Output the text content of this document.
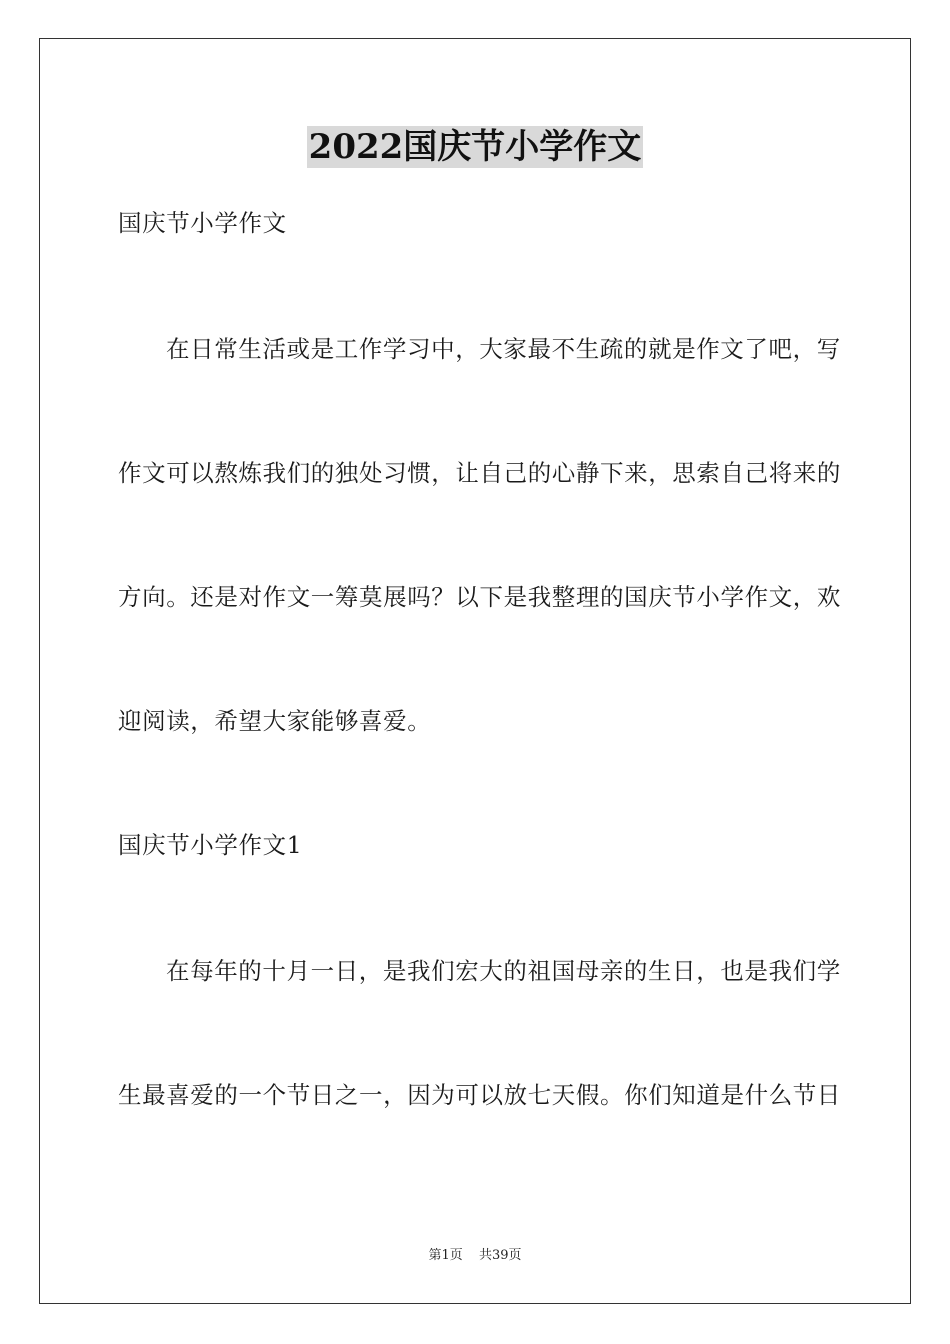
2022国庆节小学作文
国庆节小学作文
在日常生活或是工作学习中，大家最不生疏的就是作文了吧，写
作文可以熬炼我们的独处习惯，让自己的心静下来，思索自己将来的
方向。还是对作文一筹莫展吗？以下是我整理的国庆节小学作文，欢
迎阅读，希望大家能够喜爱。
国庆节小学作文1
在每年的十月一日，是我们宏大的祖国母亲的生日，也是我们学
生最喜爱的一个节日之一，因为可以放七天假。你们知道是什么节日
第1页 共39页
